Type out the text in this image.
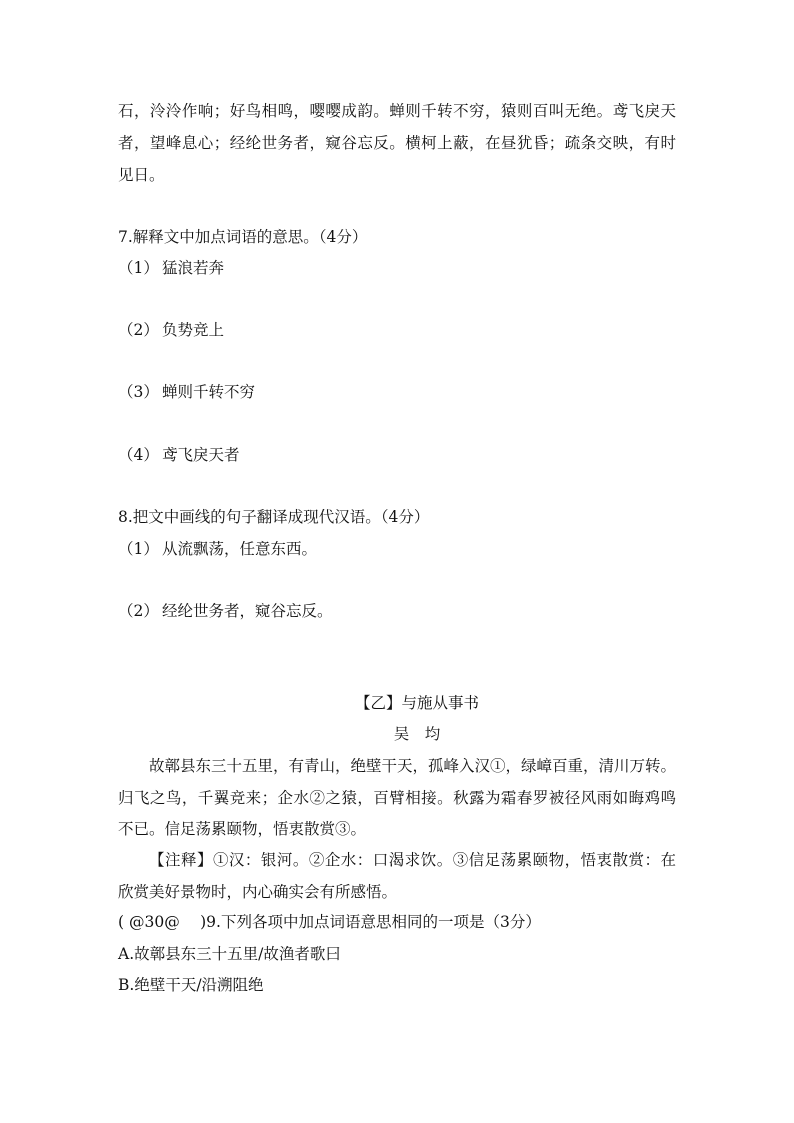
石，泠泠作响；好鸟相鸣，嘤嘤成韵。蝉则千转不穷，猿则百叫无绝。鸢飞戾天
者，望峰息心；经纶世务者，窥谷忘反。横柯上蔽，在昼犹昏；疏条交映，有时
见日。
7.解释文中加点词语的意思。（4分）
（1） 猛浪若奔
（2） 负势竞上
（3） 蝉则千转不穷
（4） 鸢飞戾天者
8.把文中画线的句子翻译成现代汉语。（4分）
（1） 从流飘荡，任意东西。
（2） 经纶世务者，窥谷忘反。
【乙】与施从事书
吴　均
故鄣县东三十五里，有青山，绝壁干天，孤峰入汉①，绿嶂百重，清川万转。
归飞之鸟，千翼竞来；企水②之猿，百臂相接。秋露为霜春罗被径风雨如晦鸡鸣
不已。信足荡累颐物，悟衷散赏③。
【注释】①汉：银河。②企水：口渴求饮。③信足荡累颐物，悟衷散赏：在
欣赏美好景物时，内心确实会有所感悟。
( @30@　 )9.下列各项中加点词语意思相同的一项是（3分）
A.故鄣县东三十五里/故渔者歌曰
B.绝壁干天/沿溯阻绝
